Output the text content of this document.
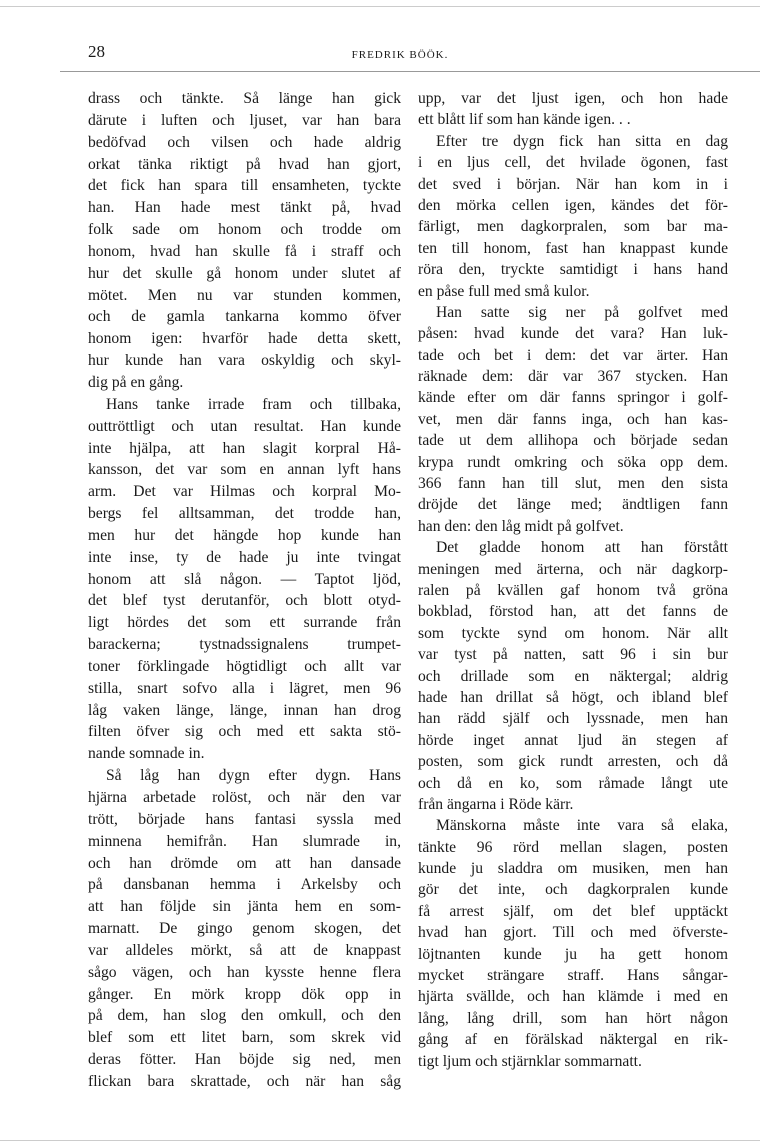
28	FREDRIK BÖÖK.
drass och tänkte. Så länge han gick
därute i luften och ljuset, var han bara
bedöfvad och vilsen och hade aldrig
orkat tänka riktigt på hvad han gjort,
det fick han spara till ensamheten, tyckte
han. Han hade mest tänkt på, hvad
folk sade om honom och trodde om
honom, hvad han skulle få i straff och
hur det skulle gå honom under slutet af
mötet. Men nu var stunden kommen,
och de gamla tankarna kommo öfver
honom igen: hvarför hade detta skett,
hur kunde han vara oskyldig och skyl-
dig på en gång.
Hans tanke irrade fram och tillbaka,
outtröttligt och utan resultat. Han kunde
inte hjälpa, att han slagit korpral Hå-
kansson, det var som en annan lyft hans
arm. Det var Hilmas och korpral Mo-
bergs fel alltsamman, det trodde han,
men hur det hängde hop kunde han
inte inse, ty de hade ju inte tvingat
honom att slå någon. — Taptot ljöd,
det blef tyst derutanför, och blott otyd-
ligt hördes det som ett surrande från
barackerna; tystnadssignalens trumpet-
toner förklingade högtidligt och allt var
stilla, snart sofvo alla i lägret, men 96
låg vaken länge, länge, innan han drog
filten öfver sig och med ett sakta stö-
nande somnade in.
Så låg han dygn efter dygn. Hans
hjärna arbetade rolöst, och när den var
trött, började hans fantasi syssla med
minnena hemifrån. Han slumrade in,
och han drömde om att han dansade
på dansbanan hemma i Arkelsby och
att han följde sin jänta hem en som-
marnatt. De gingo genom skogen, det
var alldeles mörkt, så att de knappast
sågo vägen, och han kysste henne flera
gånger. En mörk kropp dök opp in
på dem, han slog den omkull, och den
blef som ett litet barn, som skrek vid
deras fötter. Han böjde sig ned, men
flickan bara skrattade, och när han såg
upp, var det ljust igen, och hon hade
ett blått lif som han kände igen. . .
Efter tre dygn fick han sitta en dag
i en ljus cell, det hvilade ögonen, fast
det sved i början. När han kom in i
den mörka cellen igen, kändes det för-
färligt, men dagkorpralen, som bar ma-
ten till honom, fast han knappast kunde
röra den, tryckte samtidigt i hans hand
en påse full med små kulor.
Han satte sig ner på golfvet med
påsen: hvad kunde det vara? Han luk-
tade och bet i dem: det var ärter. Han
räknade dem: där var 367 stycken. Han
kände efter om där fanns springor i golf-
vet, men där fanns inga, och han kas-
tade ut dem allihopa och började sedan
krypa rundt omkring och söka opp dem.
366 fann han till slut, men den sista
dröjde det länge med; ändtligen fann
han den: den låg midt på golfvet.
Det gladde honom att han förstått
meningen med ärterna, och när dagkorp-
ralen på kvällen gaf honom två gröna
bokblad, förstod han, att det fanns de
som tyckte synd om honom. När allt
var tyst på natten, satt 96 i sin bur
och drillade som en näktergal; aldrig
hade han drillat så högt, och ibland blef
han rädd själf och lyssnade, men han
hörde inget annat ljud än stegen af
posten, som gick rundt arresten, och då
och då en ko, som råmade långt ute
från ängarna i Röde kärr.
Mänskorna måste inte vara så elaka,
tänkte 96 rörd mellan slagen, posten
kunde ju sladdra om musiken, men han
gör det inte, och dagkorpralen kunde
få arrest själf, om det blef upptäckt
hvad han gjort. Till och med öfverste-
löjtnanten kunde ju ha gett honom
mycket strängare straff. Hans sångar-
hjärta svällde, och han klämde i med en
lång, lång drill, som han hört någon
gång af en förälskad näktergal en rik-
tigt ljum och stjärnklar sommarnatt.
